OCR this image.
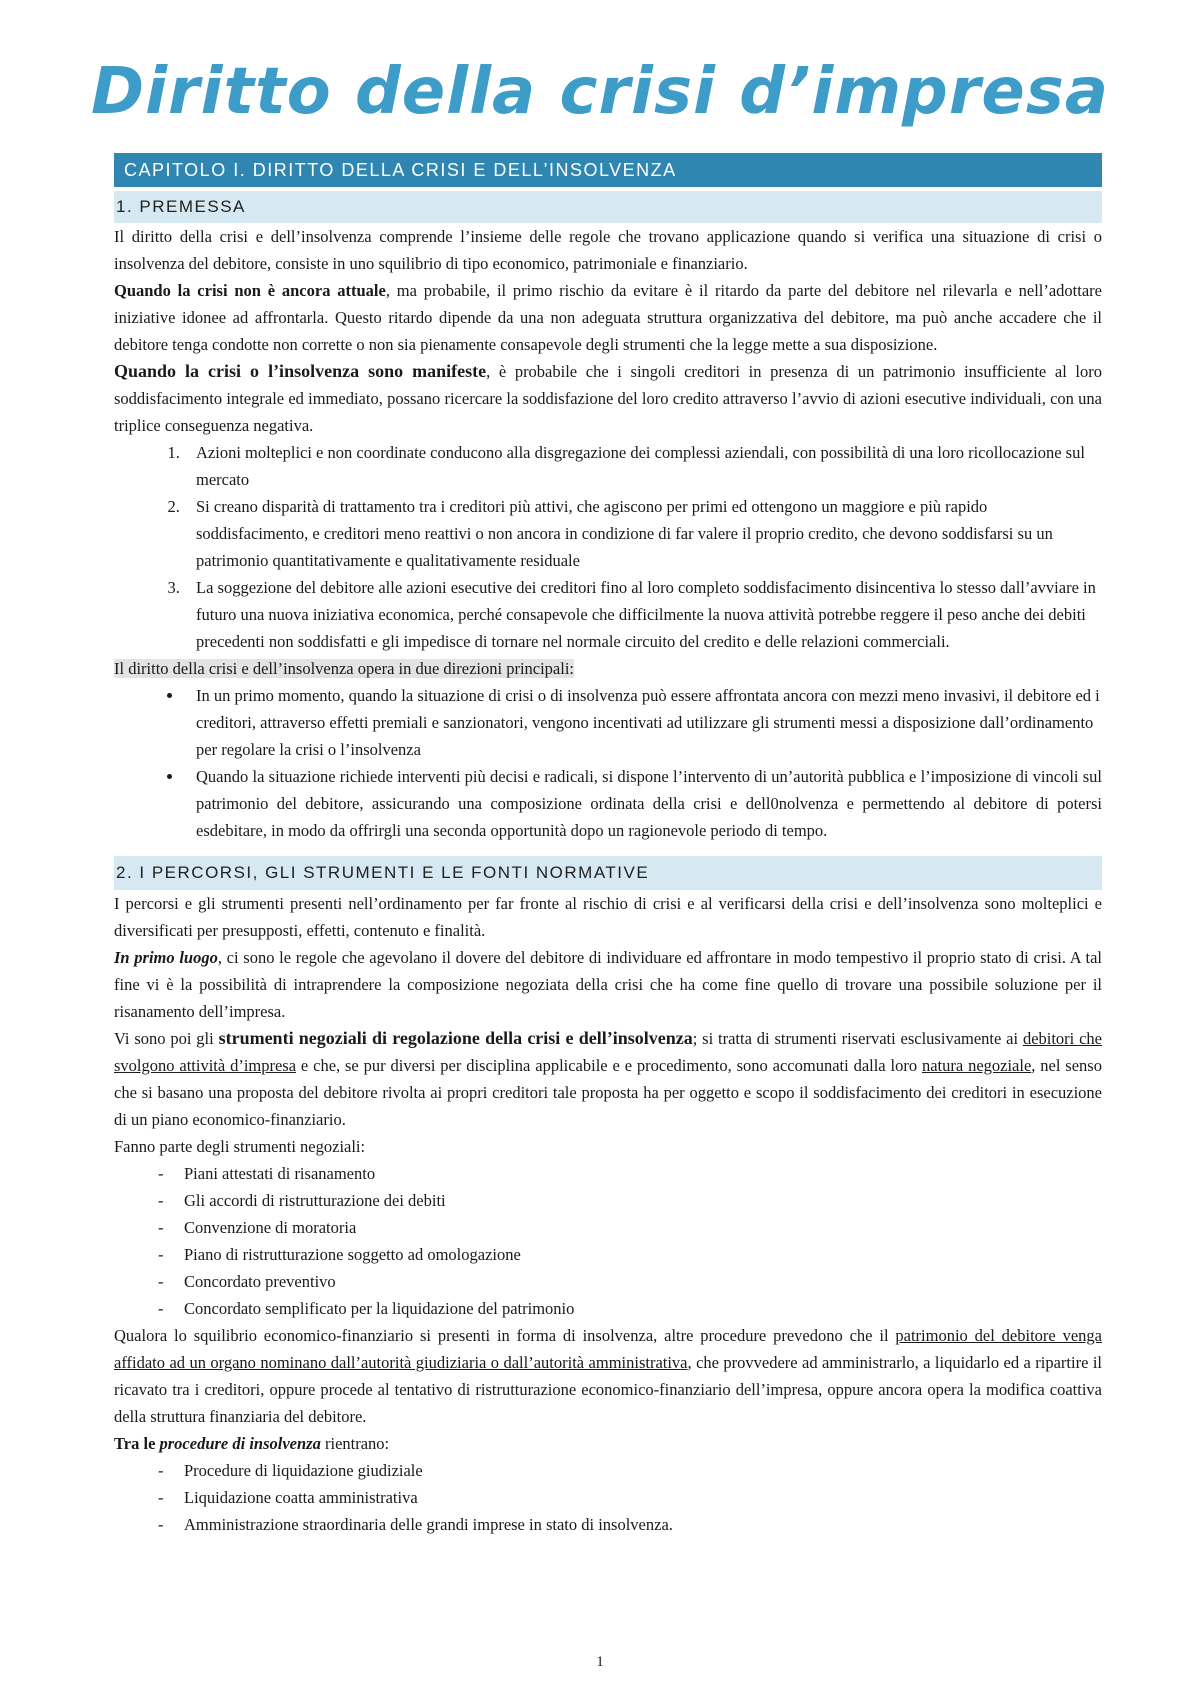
Diritto della crisi d’impresa
CAPITOLO I. DIRITTO DELLA CRISI E DELL’INSOLVENZA
1. PREMESSA

Il diritto della crisi e dell’insolvenza comprende l’insieme delle regole che trovano applicazione quando si verifica una situazione di crisi o insolvenza del debitore, consiste in uno squilibrio di tipo economico, patrimoniale e finanziario.

Quando la crisi non è ancora attuale, ma probabile, il primo rischio da evitare è il ritardo da parte del debitore nel rilevarla e nell’adottare iniziative idonee ad affrontarla. Questo ritardo dipende da una non adeguata struttura organizzativa del debitore, ma può anche accadere che il debitore tenga condotte non corrette o non sia pienamente consapevole degli strumenti che la legge mette a sua disposizione.

Quando la crisi o l’insolvenza sono manifeste, è probabile che i singoli creditori in presenza di un patrimonio insufficiente al loro soddisfacimento integrale ed immediato, possano ricercare la soddisfazione del loro credito attraverso l’avvio di azioni esecutive individuali, con una triplice conseguenza negativa.

1. Azioni molteplici e non coordinate conducono alla disgregazione dei complessi aziendali, con possibilità di una loro ricollocazione sul mercato
2. Si creano disparità di trattamento tra i creditori più attivi, che agiscono per primi ed ottengono un maggiore e più rapido soddisfacimento, e creditori meno reattivi o non ancora in condizione di far valere il proprio credito, che devono soddisfarsi su un patrimonio quantitativamente e qualitativamente residuale
3. La soggezione del debitore alle azioni esecutive dei creditori fino al loro completo soddisfacimento disincentiva lo stesso dall’avviare in futuro una nuova iniziativa economica, perché consapevole che difficilmente la nuova attività potrebbe reggere il peso anche dei debiti precedenti non soddisfatti e gli impedisce di tornare nel normale circuito del credito e delle relazioni commerciali.

Il diritto della crisi e dell’insolvenza opera in due direzioni principali:

• In un primo momento, quando la situazione di crisi o di insolvenza può essere affrontata ancora con mezzi meno invasivi, il debitore ed i creditori, attraverso effetti premiali e sanzionatori, vengono incentivati ad utilizzare gli strumenti messi a disposizione dall’ordinamento per regolare la crisi o l’insolvenza
• Quando la situazione richiede interventi più decisi e radicali, si dispone l’intervento di un’autorità pubblica e l’imposizione di vincoli sul patrimonio del debitore, assicurando una composizione ordinata della crisi e dell0nolvenza e permettendo al debitore di potersi esdebitare, in modo da offrirgli una seconda opportunità dopo un ragionevole periodo di tempo.
2. I PERCORSI, GLI STRUMENTI E LE FONTI NORMATIVE

I percorsi e gli strumenti presenti nell’ordinamento per far fronte al rischio di crisi e al verificarsi della crisi e dell’insolvenza sono molteplici e diversificati per presupposti, effetti, contenuto e finalità.

In primo luogo, ci sono le regole che agevolano il dovere del debitore di individuare ed affrontare in modo tempestivo il proprio stato di crisi. A tal fine vi è la possibilità di intraprendere la composizione negoziata della crisi che ha come fine quello di trovare una possibile soluzione per il risanamento dell’impresa.

Vi sono poi gli strumenti negoziali di regolazione della crisi e dell’insolvenza; si tratta di strumenti riservati esclusivamente ai debitori che svolgono attività d’impresa e che, se pur diversi per disciplina applicabile e e procedimento, sono accomunati dalla loro natura negoziale, nel senso che si basano una proposta del debitore rivolta ai propri creditori tale proposta ha per oggetto e scopo il soddisfacimento dei creditori in esecuzione di un piano economico-finanziario.

Fanno parte degli strumenti negoziali:

- Piani attestati di risanamento
- Gli accordi di ristrutturazione dei debiti
- Convenzione di moratoria
- Piano di ristrutturazione soggetto ad omologazione
- Concordato preventivo
- Concordato semplificato per la liquidazione del patrimonio

Qualora lo squilibrio economico-finanziario si presenti in forma di insolvenza, altre procedure prevedono che il patrimonio del debitore venga affidato ad un organo nominano dall’autorità giudiziaria o dall’autorità amministrativa, che provvedere ad amministrarlo, a liquidarlo ed a ripartire il ricavato tra i creditori, oppure procede al tentativo di ristrutturazione economico-finanziario dell’impresa, oppure ancora opera la modifica coattiva della struttura finanziaria del debitore.

Tra le procedure di insolvenza rientrano:

- Procedure di liquidazione giudiziale
- Liquidazione coatta amministrativa
- Amministrazione straordinaria delle grandi imprese in stato di insolvenza.
1
